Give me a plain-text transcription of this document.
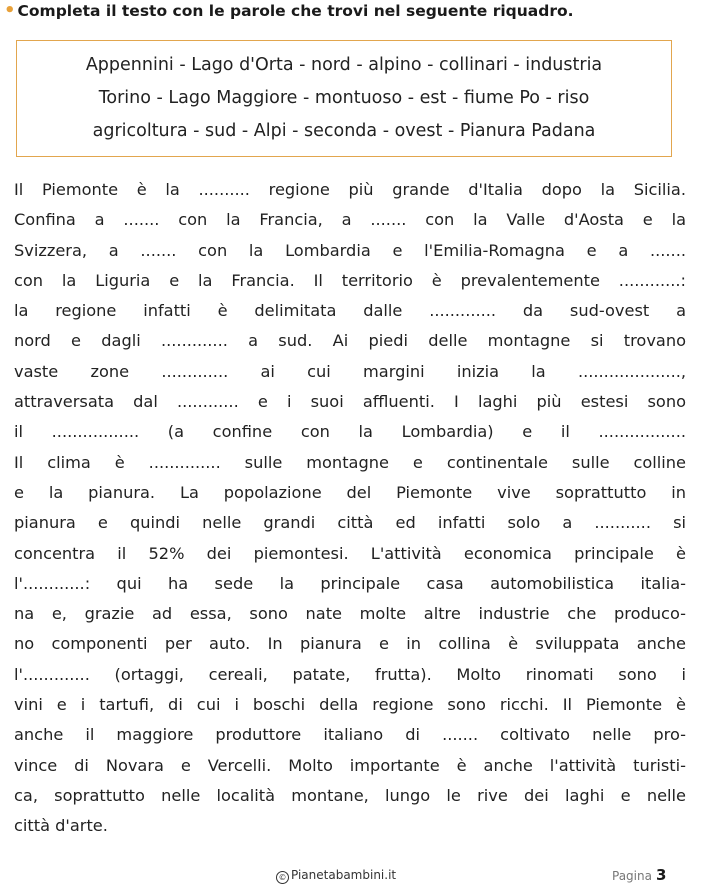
• Completa il testo con le parole che trovi nel seguente riquadro.
Appennini - Lago d'Orta - nord - alpino - collinari - industria
Torino - Lago Maggiore - montuoso - est - fiume Po - riso
agricoltura - sud - Alpi - seconda - ovest - Pianura Padana
Il Piemonte è la .......... regione più grande d'Italia dopo la Sicilia.
Confina a ....... con la Francia, a ....... con la Valle d'Aosta e la
Svizzera, a ....... con la Lombardia e l'Emilia-Romagna e a .......
con la Liguria e la Francia. Il territorio è prevalentemente ............:
la regione infatti è delimitata dalle ............. da sud-ovest a
nord e dagli ............. a sud. Ai piedi delle montagne si trovano
vaste zone ............. ai cui margini inizia la ....................,
attraversata dal ............ e i suoi affluenti. I laghi più estesi sono
il ................. (a confine con la Lombardia) e il .................
Il clima è .............. sulle montagne e continentale sulle colline
e la pianura. La popolazione del Piemonte vive soprattutto in
pianura e quindi nelle grandi città ed infatti solo a ........... si
concentra il 52% dei piemontesi. L'attività economica principale è
l'............: qui ha sede la principale casa automobilistica italia-
na e, grazie ad essa, sono nate molte altre industrie che produco-
no componenti per auto. In pianura e in collina è sviluppata anche
l'............. (ortaggi, cereali, patate, frutta). Molto rinomati sono i
vini e i tartufi, di cui i boschi della regione sono ricchi. Il Piemonte è
anche il maggiore produttore italiano di ....... coltivato nelle pro-
vince di Novara e Vercelli. Molto importante è anche l'attività turisti-
ca, soprattutto nelle località montane, lungo le rive dei laghi e nelle
città d'arte.
© Pianetabambini.it	Pagina 3
